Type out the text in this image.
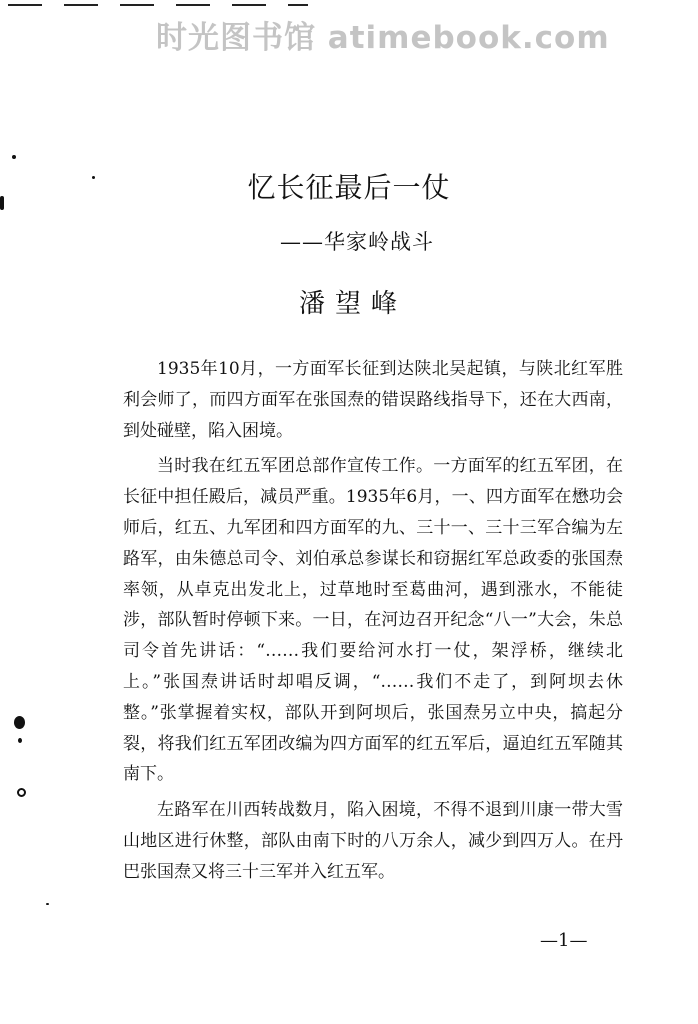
时光图书馆 atimebook.com
忆长征最后一仗
——华家岭战斗
潘望峰

1935年10月，一方面军长征到达陕北吴起镇，与陕北红军胜利会师了，而四方面军在张国焘的错误路线指导下，还在大西南，到处碰壁，陷入困境。

当时我在红五军团总部作宣传工作。一方面军的红五军团，在长征中担任殿后，减员严重。1935年6月，一、四方面军在懋功会师后，红五、九军团和四方面军的九、三十一、三十三军合编为左路军，由朱德总司令、刘伯承总参谋长和窃据红军总政委的张国焘率领，从卓克出发北上，过草地时至葛曲河，遇到涨水，不能徒涉，部队暂时停顿下来。一日，在河边召开纪念“八一”大会，朱总司令首先讲话：“……我们要给河水打一仗，架浮桥，继续北上。”张国焘讲话时却唱反调，“……我们不走了，到阿坝去休整。”张掌握着实权，部队开到阿坝后，张国焘另立中央，搞起分裂，将我们红五军团改编为四方面军的红五军后，逼迫红五军随其南下。

左路军在川西转战数月，陷入困境，不得不退到川康一带大雪山地区进行休整，部队由南下时的八万余人，减少到四万人。在丹巴张国焘又将三十三军并入红五军。

—1—
